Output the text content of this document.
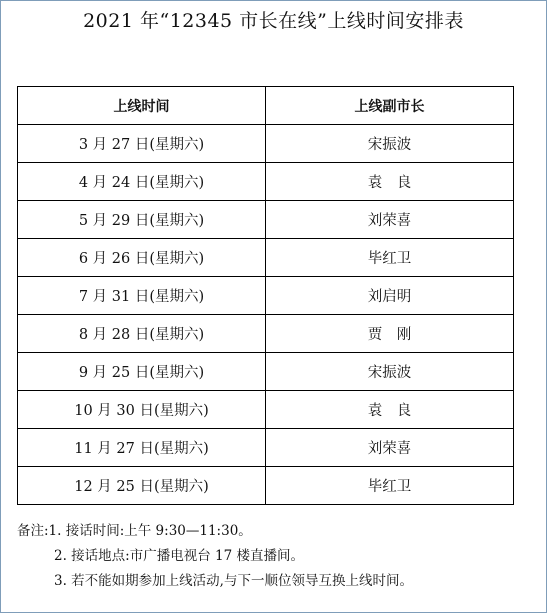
2021 年“12345 市长在线”上线时间安排表
上线时间	上线副市长
3 月 27 日(星期六)	宋振波
4 月 24 日(星期六)	袁　良
5 月 29 日(星期六)	刘荣喜
6 月 26 日(星期六)	毕红卫
7 月 31 日(星期六)	刘启明
8 月 28 日(星期六)	贾　刚
9 月 25 日(星期六)	宋振波
10 月 30 日(星期六)	袁　良
11 月 27 日(星期六)	刘荣喜
12 月 25 日(星期六)	毕红卫
备注:1. 接话时间:上午 9:30—11:30。
2. 接话地点:市广播电视台 17 楼直播间。
3. 若不能如期参加上线活动,与下一顺位领导互换上线时间。
